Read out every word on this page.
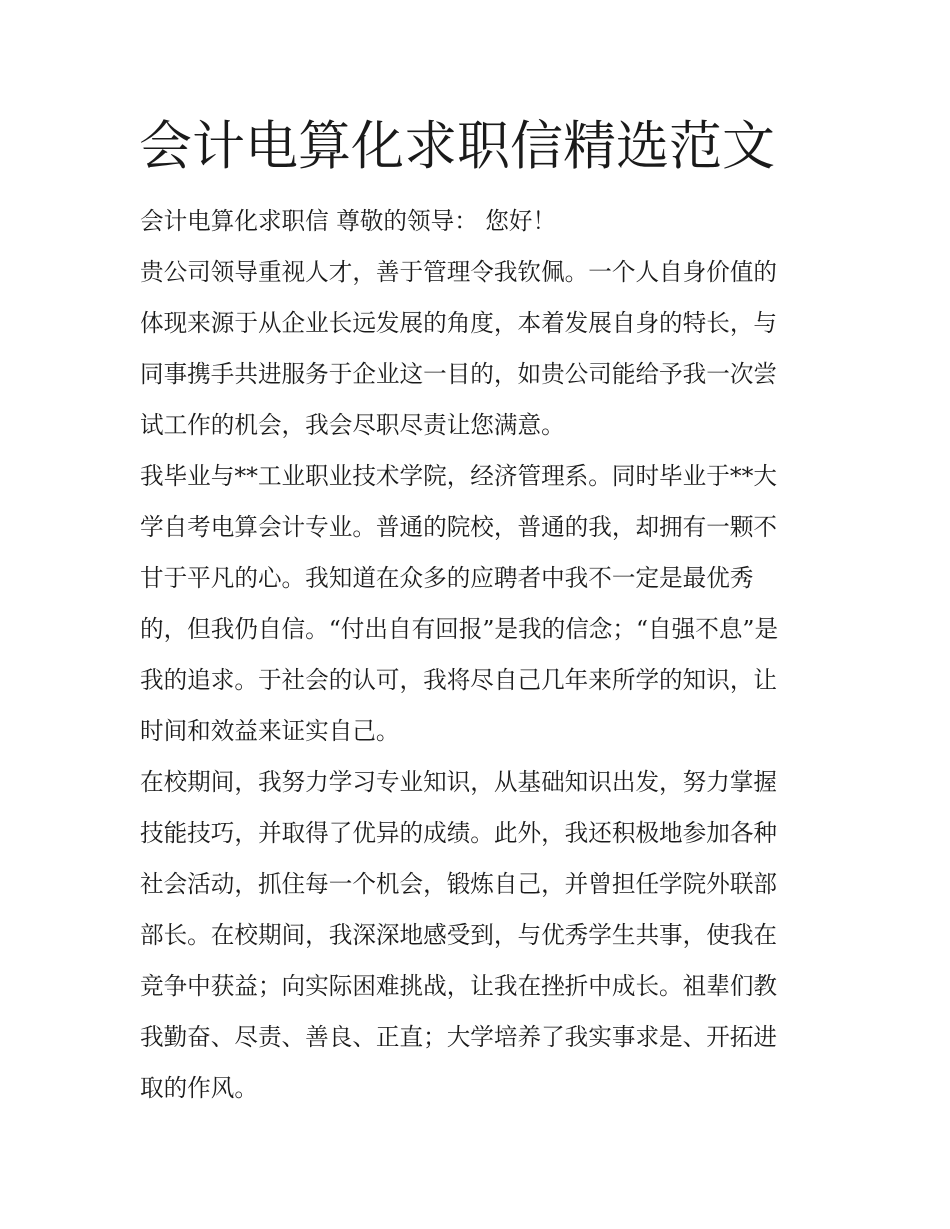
会计电算化求职信精选范文

会计电算化求职信 尊敬的领导： 您好！

贵公司领导重视人才，善于管理令我钦佩。一个人自身价值的

体现来源于从企业长远发展的角度，本着发展自身的特长，与

同事携手共进服务于企业这一目的，如贵公司能给予我一次尝

试工作的机会，我会尽职尽责让您满意。

我毕业与**工业职业技术学院，经济管理系。同时毕业于**大

学自考电算会计专业。普通的院校，普通的我，却拥有一颗不

甘于平凡的心。我知道在众多的应聘者中我不一定是最优秀

的，但我仍自信。“付出自有回报”是我的信念；“自强不息”是

我的追求。于社会的认可，我将尽自己几年来所学的知识，让

时间和效益来证实自己。

在校期间，我努力学习专业知识，从基础知识出发，努力掌握

技能技巧，并取得了优异的成绩。此外，我还积极地参加各种

社会活动，抓住每一个机会，锻炼自己，并曾担任学院外联部

部长。在校期间，我深深地感受到，与优秀学生共事，使我在

竞争中获益；向实际困难挑战，让我在挫折中成长。祖辈们教

我勤奋、尽责、善良、正直；大学培养了我实事求是、开拓进

取的作风。
